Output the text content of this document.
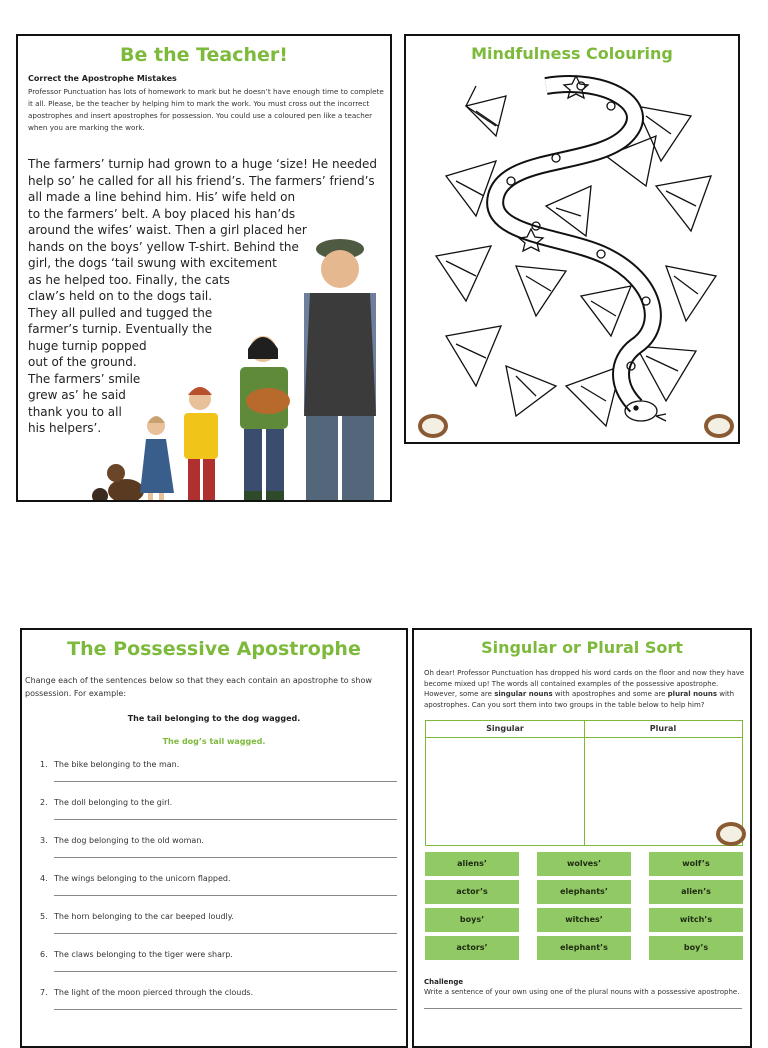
Be the Teacher!
Correct the Apostrophe Mistakes
Professor Punctuation has lots of homework to mark but he doesn’t have enough time to complete it all. Please, be the teacher by helping him to mark the work. You must cross out the incorrect apostrophes and insert apostrophes for possession. You could use a coloured pen like a teacher when you are marking the work.
The farmers’ turnip had grown to a huge ‘size! He needed
help so’ he called for all his friend’s. The farmers’ friend’s
all made a line behind him. His’ wife held on
to the farmers’ belt. A boy placed his han’ds
around the wifes’ waist. Then a girl placed her
hands on the boys’ yellow T-shirt. Behind the
girl, the dogs ‘tail swung with excitement
as he helped too. Finally, the cats
claw’s held on to the dogs tail.
They all pulled and tugged the
farmer’s turnip. Eventually the
huge turnip popped
out of the ground.
The farmers’ smile
grew as’ he said
thank you to all
his helpers’.
Mindfulness Colouring
The Possessive Apostrophe
Change each of the sentences below so that they each contain an apostrophe to show possession. For example:
The tail belonging to the dog wagged.
The dog’s tail wagged.
1. The bike belonging to the man.
2. The doll belonging to the girl.
3. The dog belonging to the old woman.
4. The wings belonging to the unicorn flapped.
5. The horn belonging to the car beeped loudly.
6. The claws belonging to the tiger were sharp.
7. The light of the moon pierced through the clouds.
Singular or Plural Sort
Oh dear! Professor Punctuation has dropped his word cards on the floor and now they have become mixed up! The words all contained examples of the possessive apostrophe. However, some are singular nouns with apostrophes and some are plural nouns with apostrophes. Can you sort them into two groups in the table below to help him?
Singular	Plural
aliens’	wolves’	wolf’s
actor’s	elephants’	alien’s
boys’	witches’	witch’s
actors’	elephant’s	boy’s
Challenge
Write a sentence of your own using one of the plural nouns with a possessive apostrophe.
